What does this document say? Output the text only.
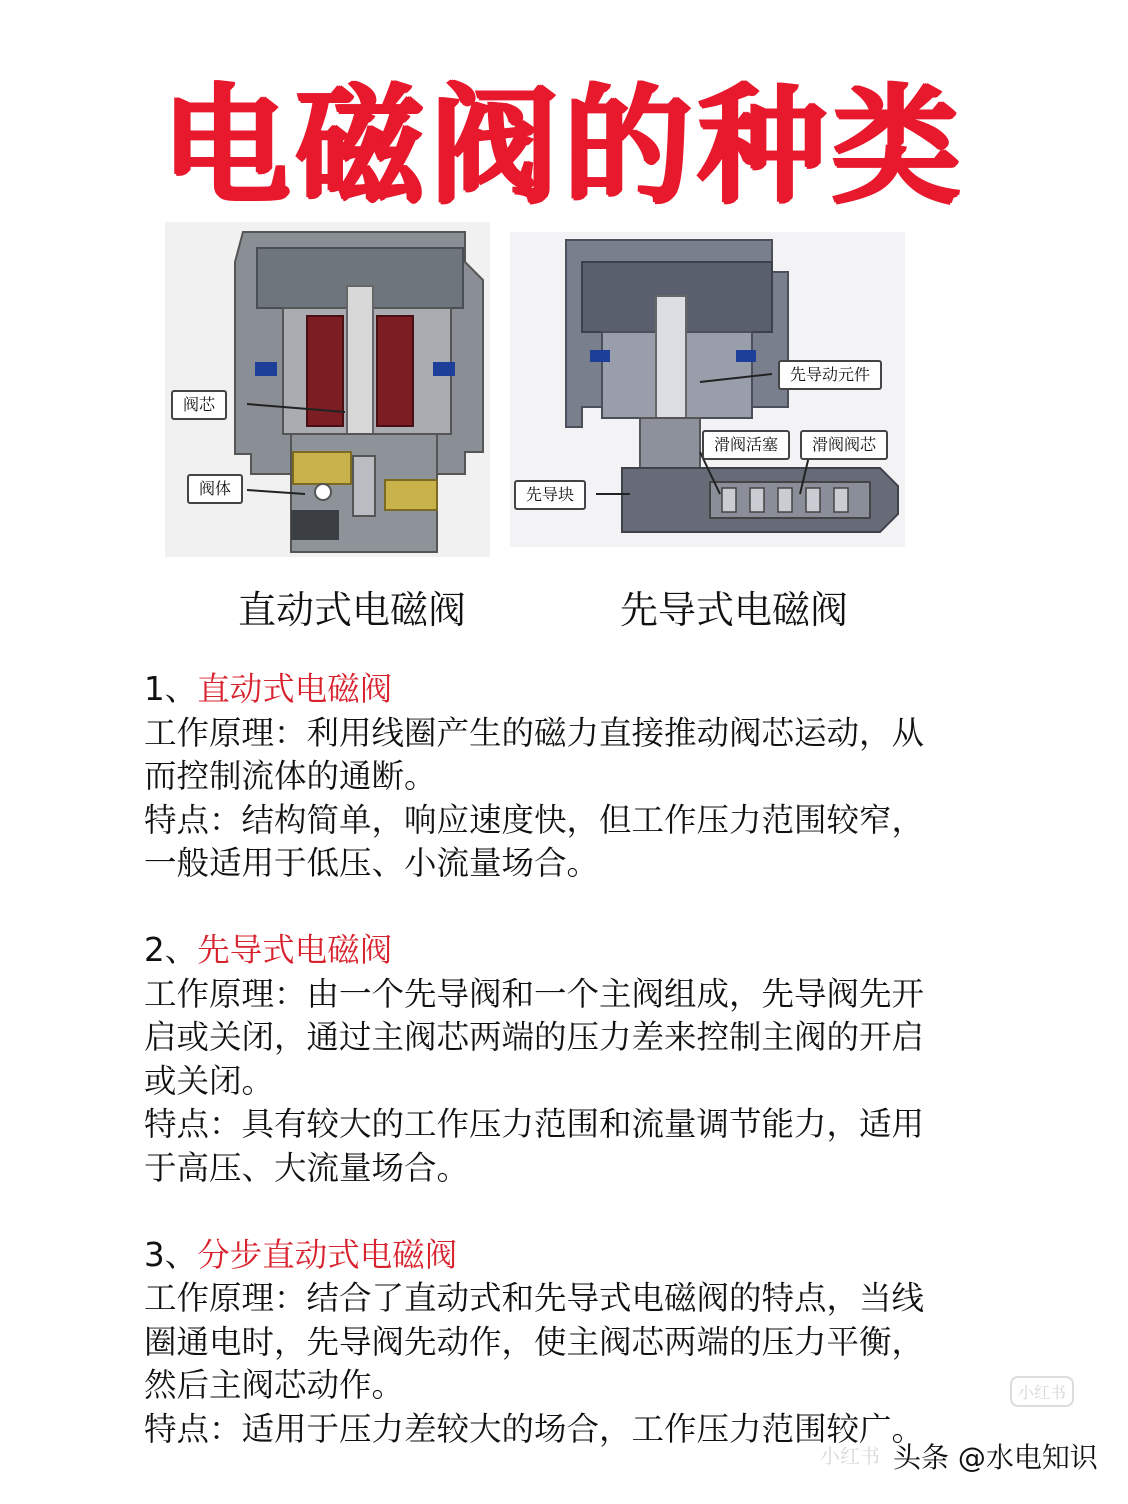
电磁阀的种类
阀芯
阀体
先导动元件
滑阀活塞	滑阀阀芯
先导块
直动式电磁阀	先导式电磁阀
1、直动式电磁阀
工作原理：利用线圈产生的磁力直接推动阀芯运动，从
而控制流体的通断。
特点：结构简单，响应速度快，但工作压力范围较窄，
一般适用于低压、小流量场合。
2、先导式电磁阀
工作原理：由一个先导阀和一个主阀组成，先导阀先开
启或关闭，通过主阀芯两端的压力差来控制主阀的开启
或关闭。
特点：具有较大的工作压力范围和流量调节能力，适用
于高压、大流量场合。
3、分步直动式电磁阀
工作原理：结合了直动式和先导式电磁阀的特点，当线
圈通电时，先导阀先动作，使主阀芯两端的压力平衡，
然后主阀芯动作。
特点：适用于压力差较大的场合，工作压力范围较广。
小红书
小红书 头条 @水电知识
